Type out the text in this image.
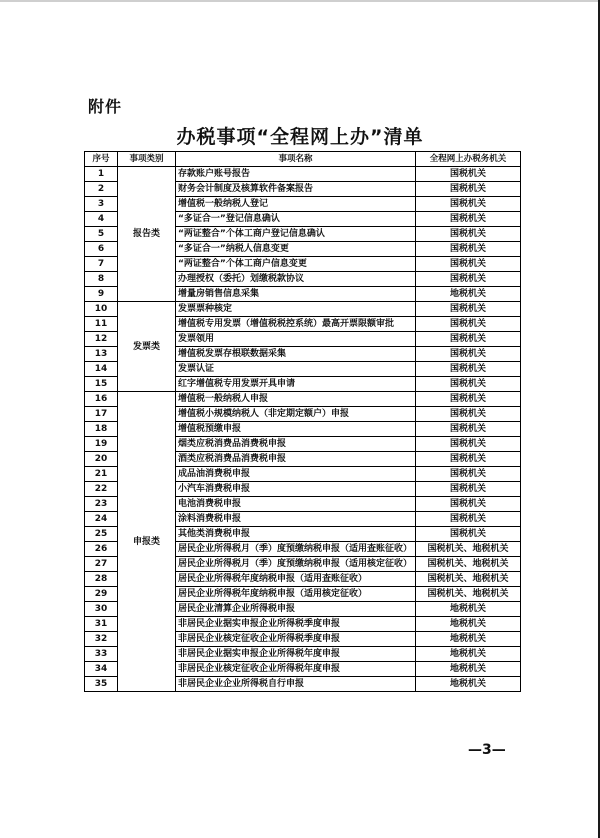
附件
办税事项“全程网上办”清单
序号	事项类别	事项名称	全程网上办税务机关
1	报告类	存款账户账号报告	国税机关
2		财务会计制度及核算软件备案报告	国税机关
3		增值税一般纳税人登记	国税机关
4		“多证合一”登记信息确认	国税机关
5		“两证整合”个体工商户登记信息确认	国税机关
6		“多证合一”纳税人信息变更	国税机关
7		“两证整合”个体工商户信息变更	国税机关
8		办理授权（委托）划缴税款协议	国税机关
9		增量房销售信息采集	地税机关
10	发票类	发票票种核定	国税机关
11		增值税专用发票（增值税税控系统）最高开票限额审批	国税机关
12		发票领用	国税机关
13		增值税发票存根联数据采集	国税机关
14		发票认证	国税机关
15		红字增值税专用发票开具申请	国税机关
16	申报类	增值税一般纳税人申报	国税机关
17		增值税小规模纳税人（非定期定额户）申报	国税机关
18		增值税预缴申报	国税机关
19		烟类应税消费品消费税申报	国税机关
20		酒类应税消费品消费税申报	国税机关
21		成品油消费税申报	国税机关
22		小汽车消费税申报	国税机关
23		电池消费税申报	国税机关
24		涂料消费税申报	国税机关
25		其他类消费税申报	国税机关
26		居民企业所得税月（季）度预缴纳税申报（适用查账征收）	国税机关、地税机关
27		居民企业所得税月（季）度预缴纳税申报（适用核定征收）	国税机关、地税机关
28		居民企业所得税年度纳税申报（适用查账征收）	国税机关、地税机关
29		居民企业所得税年度纳税申报（适用核定征收）	国税机关、地税机关
30		居民企业清算企业所得税申报	地税机关
31		非居民企业据实申报企业所得税季度申报	地税机关
32		非居民企业核定征收企业所得税季度申报	地税机关
33		非居民企业据实申报企业所得税年度申报	地税机关
34		非居民企业核定征收企业所得税年度申报	地税机关
35		非居民企业企业所得税自行申报	地税机关
—3—
